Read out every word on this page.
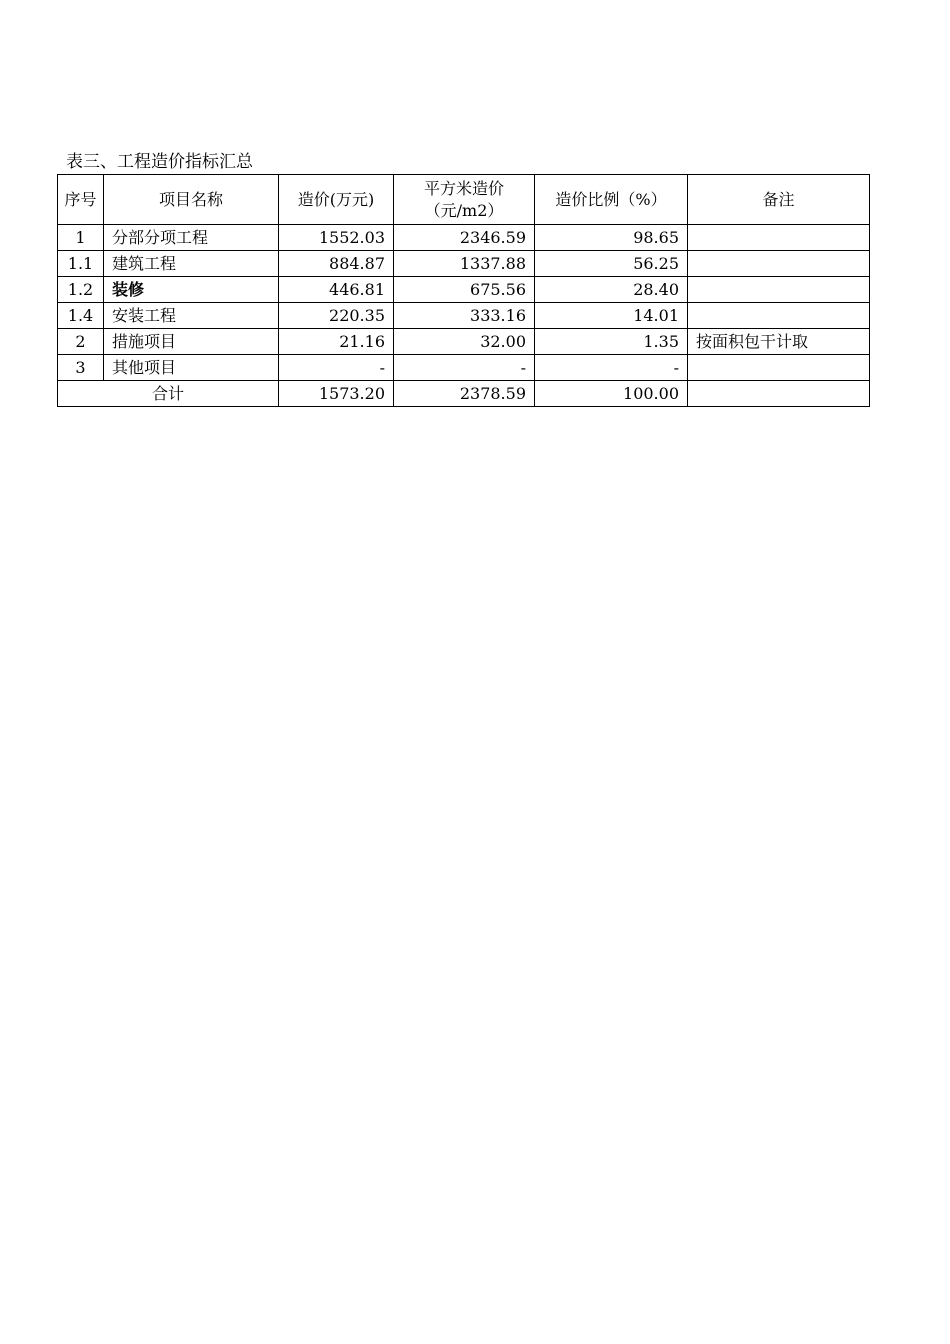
表三、工程造价指标汇总
序号	项目名称	造价(万元)	平方米造价（元/m2）	造价比例（%）	备注
1	分部分项工程	1552.03	2346.59	98.65	
1.1	建筑工程	884.87	1337.88	56.25	
1.2	装修	446.81	675.56	28.40	
1.4	安装工程	220.35	333.16	14.01	
2	措施项目	21.16	32.00	1.35	按面积包干计取
3	其他项目	-	-	-	
合计		1573.20	2378.59	100.00	
